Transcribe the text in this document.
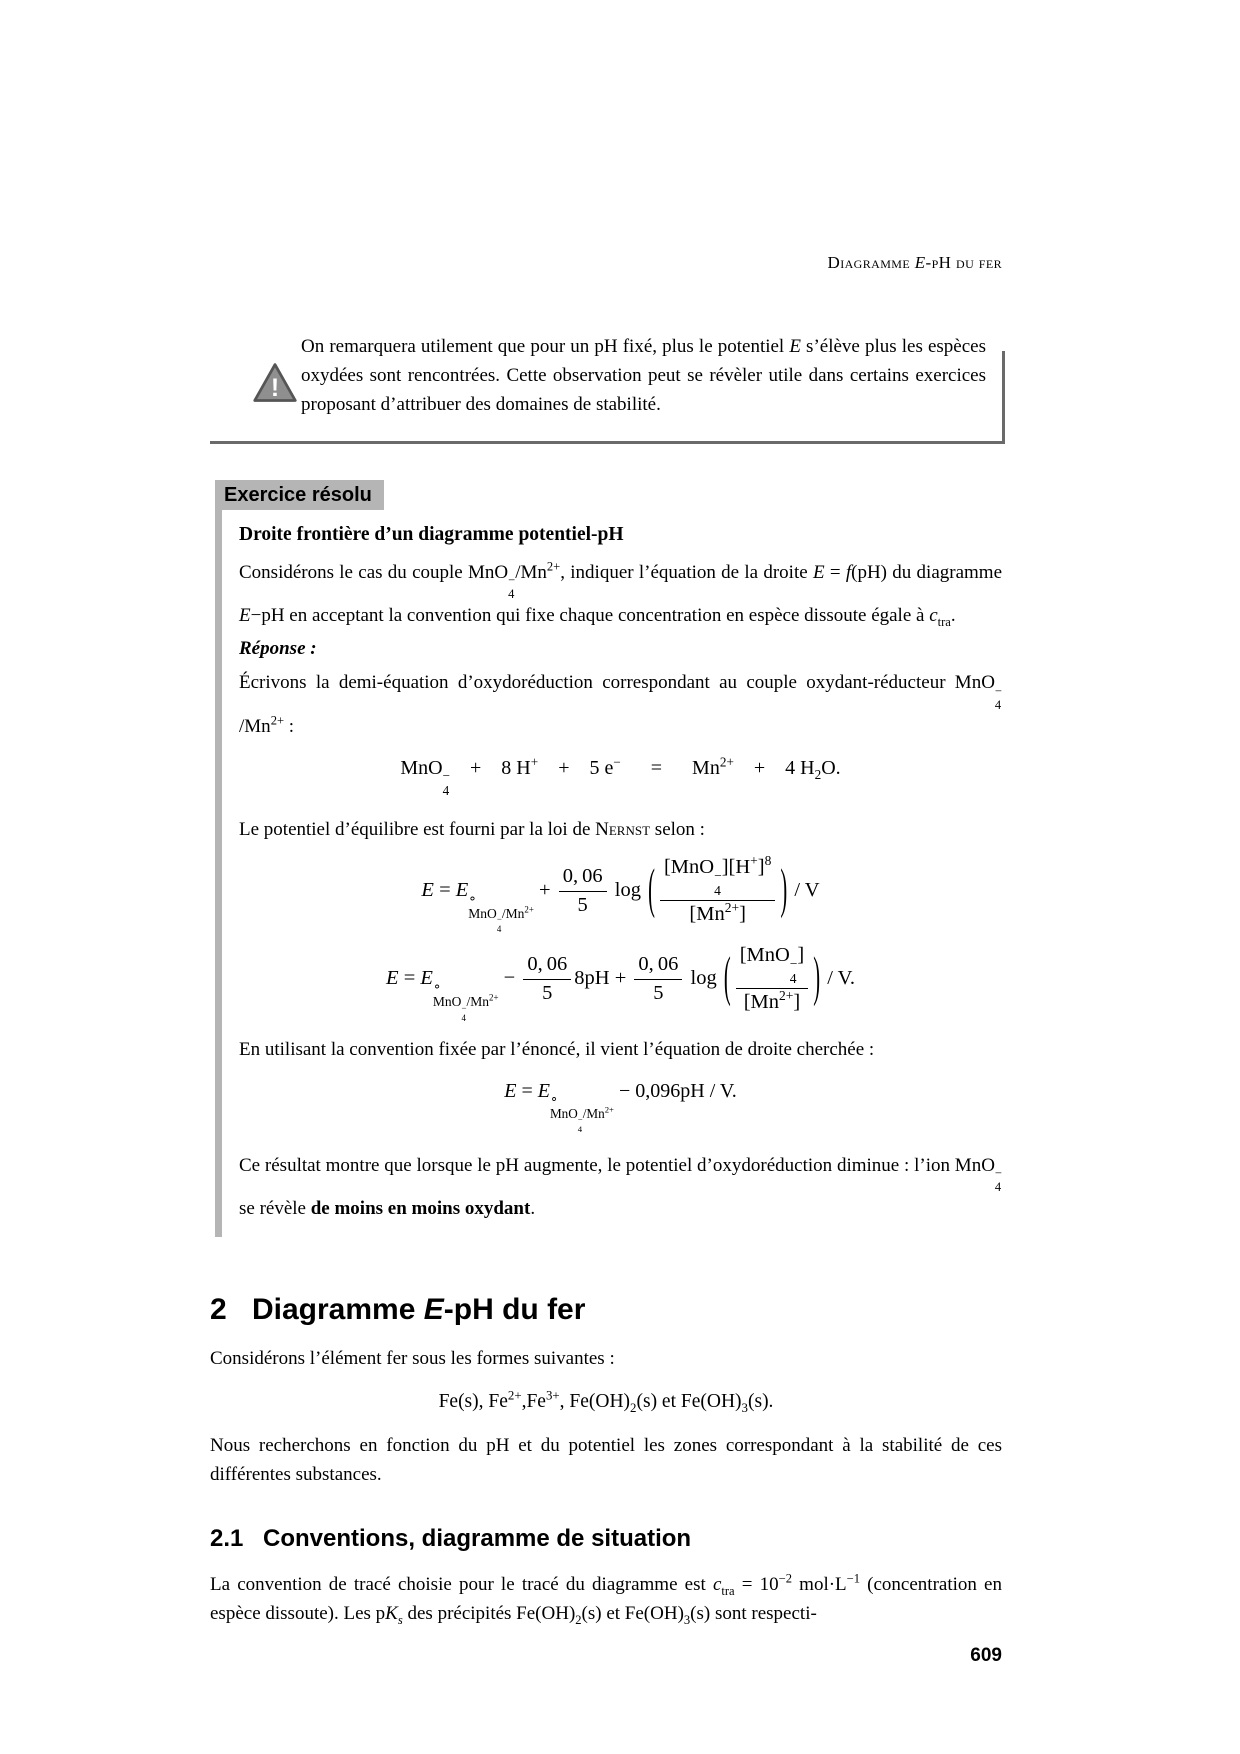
Diagramme E-pH du fer
!
On remarquera utilement que pour un pH fixé, plus le potentiel E s’élève plus les espèces oxydées sont rencontrées. Cette observation peut se révèler utile dans certains exercices proposant d’attribuer des domaines de stabilité.
Exercice résolu
Droite frontière d’un diagramme potentiel-pH

Considérons le cas du couple MnO −
4
$/Mn^{2+}$, indiquer l’équation de la droite E = f(pH) du diagramme E−pH en acceptant la convention qui fixe chaque concentration en espèce dissoute égale à $c_{tra}$.

Réponse :

Écrivons la demi-équation d’oxydoréduction correspondant au couple oxydant-réducteur MnO −
4
$/Mn^{2+}$ :

MnO −
4
 + 8 H+ + 5 e−  =  $Mn^{2+}$ + 4 $H_2O$.

Le potentiel d’équilibre est fourni par la loi de Nernst selon :

E = E ∘
MnO −
4
$/Mn^{2+}$
+ $\frac{0, 06}{5}$ log ( [MnO −
4
]$[H^+]^8$
$[Mn^{2+}]$ ) / V
E = E ∘
MnO −
4
$/Mn^{2+}$
− $\frac{0, 06}{5} 8pH + \frac{0, 06}{5}$ log ( [MnO −
4
]
$[Mn^{2+}]$ ) / V.

En utilisant la convention fixée par l’énoncé, il vient l’équation de droite cherchée :

E = E ∘
MnO −
4
$/Mn^{2+}$
− 0,096pH / V.

Ce résultat montre que lorsque le pH augmente, le potentiel d’oxydoréduction diminue : l’ion MnO −
4
se révèle de moins en moins oxydant.

2 Diagramme E-pH du fer

Considérons l’élément fer sous les formes suivantes :

Fe(s), $Fe^{2+},Fe^{3+}$, $Fe(OH)_2(s)$ et $Fe(OH)_3(s)$.

Nous recherchons en fonction du pH et du potentiel les zones correspondant à la stabilité de ces différentes substances.

2.1 Conventions, diagramme de situation

La convention de tracé choisie pour le tracé du diagramme est $c_{tra} = 10^{-2}$ $mol\cdot L^{-1}$ (concentration en espèce dissoute). Les $pK_s$ des précipités $Fe(OH)_2(s)$ et $Fe(OH)_3(s)$ sont respecti-

609
